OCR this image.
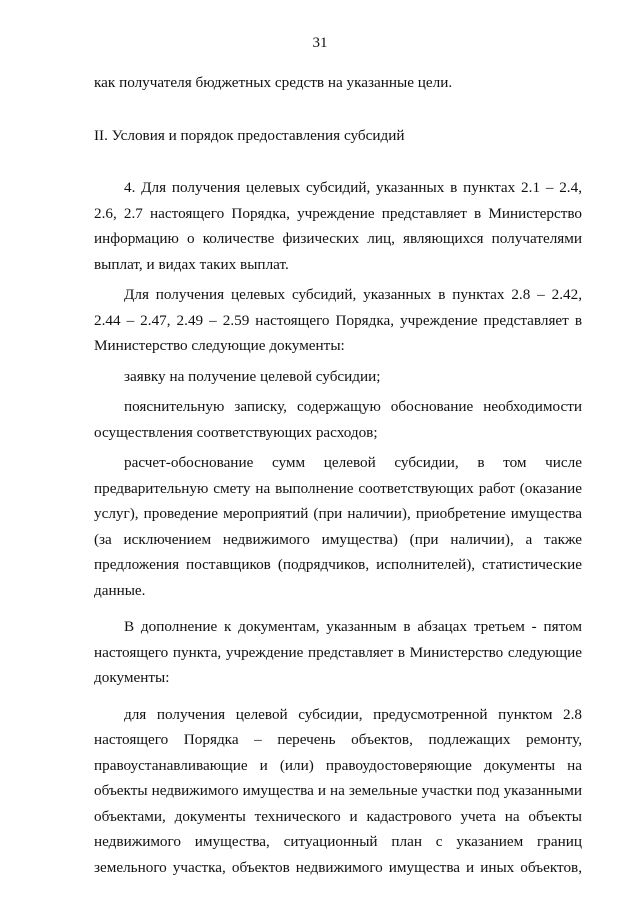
31

как получателя бюджетных средств на указанные цели.

II. Условия и порядок предоставления субсидий

4. Для получения целевых субсидий, указанных в пунктах 2.1 – 2.4, 2.6, 2.7 настоящего Порядка, учреждение представляет в Министерство информацию о количестве физических лиц, являющихся получателями выплат, и видах таких выплат.

Для получения целевых субсидий, указанных в пунктах 2.8 – 2.42, 2.44 – 2.47, 2.49 – 2.59 настоящего Порядка, учреждение представляет в Министерство следующие документы:

заявку на получение целевой субсидии;

пояснительную записку, содержащую обоснование необходимости осуществления соответствующих расходов;

расчет-обоснование сумм целевой субсидии, в том числе предварительную смету на выполнение соответствующих работ (оказание услуг), проведение мероприятий (при наличии), приобретение имущества (за исключением недвижимого имущества) (при наличии), а также предложения поставщиков (подрядчиков, исполнителей), статистические данные.

В дополнение к документам, указанным в абзацах третьем - пятом настоящего пункта, учреждение представляет в Министерство следующие документы:

для получения целевой субсидии, предусмотренной пунктом 2.8 настоящего Порядка – перечень объектов, подлежащих ремонту, правоустанавливающие и (или) правоудостоверяющие документы на объекты недвижимого имущества и на земельные участки под указанными объектами, документы технического и кадастрового учета на объекты недвижимого имущества, ситуационный план с указанием границ земельного участка, объектов недвижимого имущества и иных объектов,
